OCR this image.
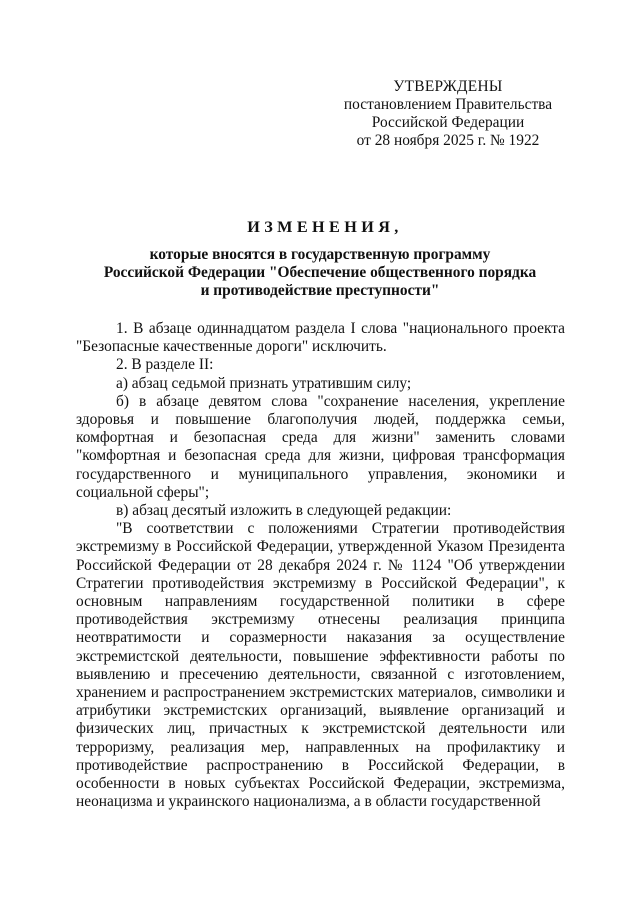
УТВЕРЖДЕНЫ
постановлением Правительства
Российской Федерации
от 28 ноября 2025 г. № 1922
ИЗМЕНЕНИЯ,
которые вносятся в государственную программу
Российской Федерации "Обеспечение общественного порядка
и противодействие преступности"

1. В абзаце одиннадцатом раздела I слова "национального проекта "Безопасные качественные дороги" исключить.

2. В разделе II:

а) абзац седьмой признать утратившим силу;

б) в абзаце девятом слова "сохранение населения, укрепление здоровья и повышение благополучия людей, поддержка семьи, комфортная и безопасная среда для жизни" заменить словами "комфортная и безопасная среда для жизни, цифровая трансформация государственного и муниципального управления, экономики и социальной сферы";

в) абзац десятый изложить в следующей редакции:

"В соответствии с положениями Стратегии противодействия экстремизму в Российской Федерации, утвержденной Указом Президента Российской Федерации от 28 декабря 2024 г. № 1124 "Об утверждении Стратегии противодействия экстремизму в Российской Федерации", к основным направлениям государственной политики в сфере противодействия экстремизму отнесены реализация принципа неотвратимости и соразмерности наказания за осуществление экстремистской деятельности, повышение эффективности работы по выявлению и пресечению деятельности, связанной с изготовлением, хранением и распространением экстремистских материалов, символики и атрибутики экстремистских организаций, выявление организаций и физических лиц, причастных к экстремистской деятельности или терроризму, реализация мер, направленных на профилактику и противодействие распространению в Российской Федерации, в особенности в новых субъектах Российской Федерации, экстремизма, неонацизма и украинского национализма, а в области государственной
